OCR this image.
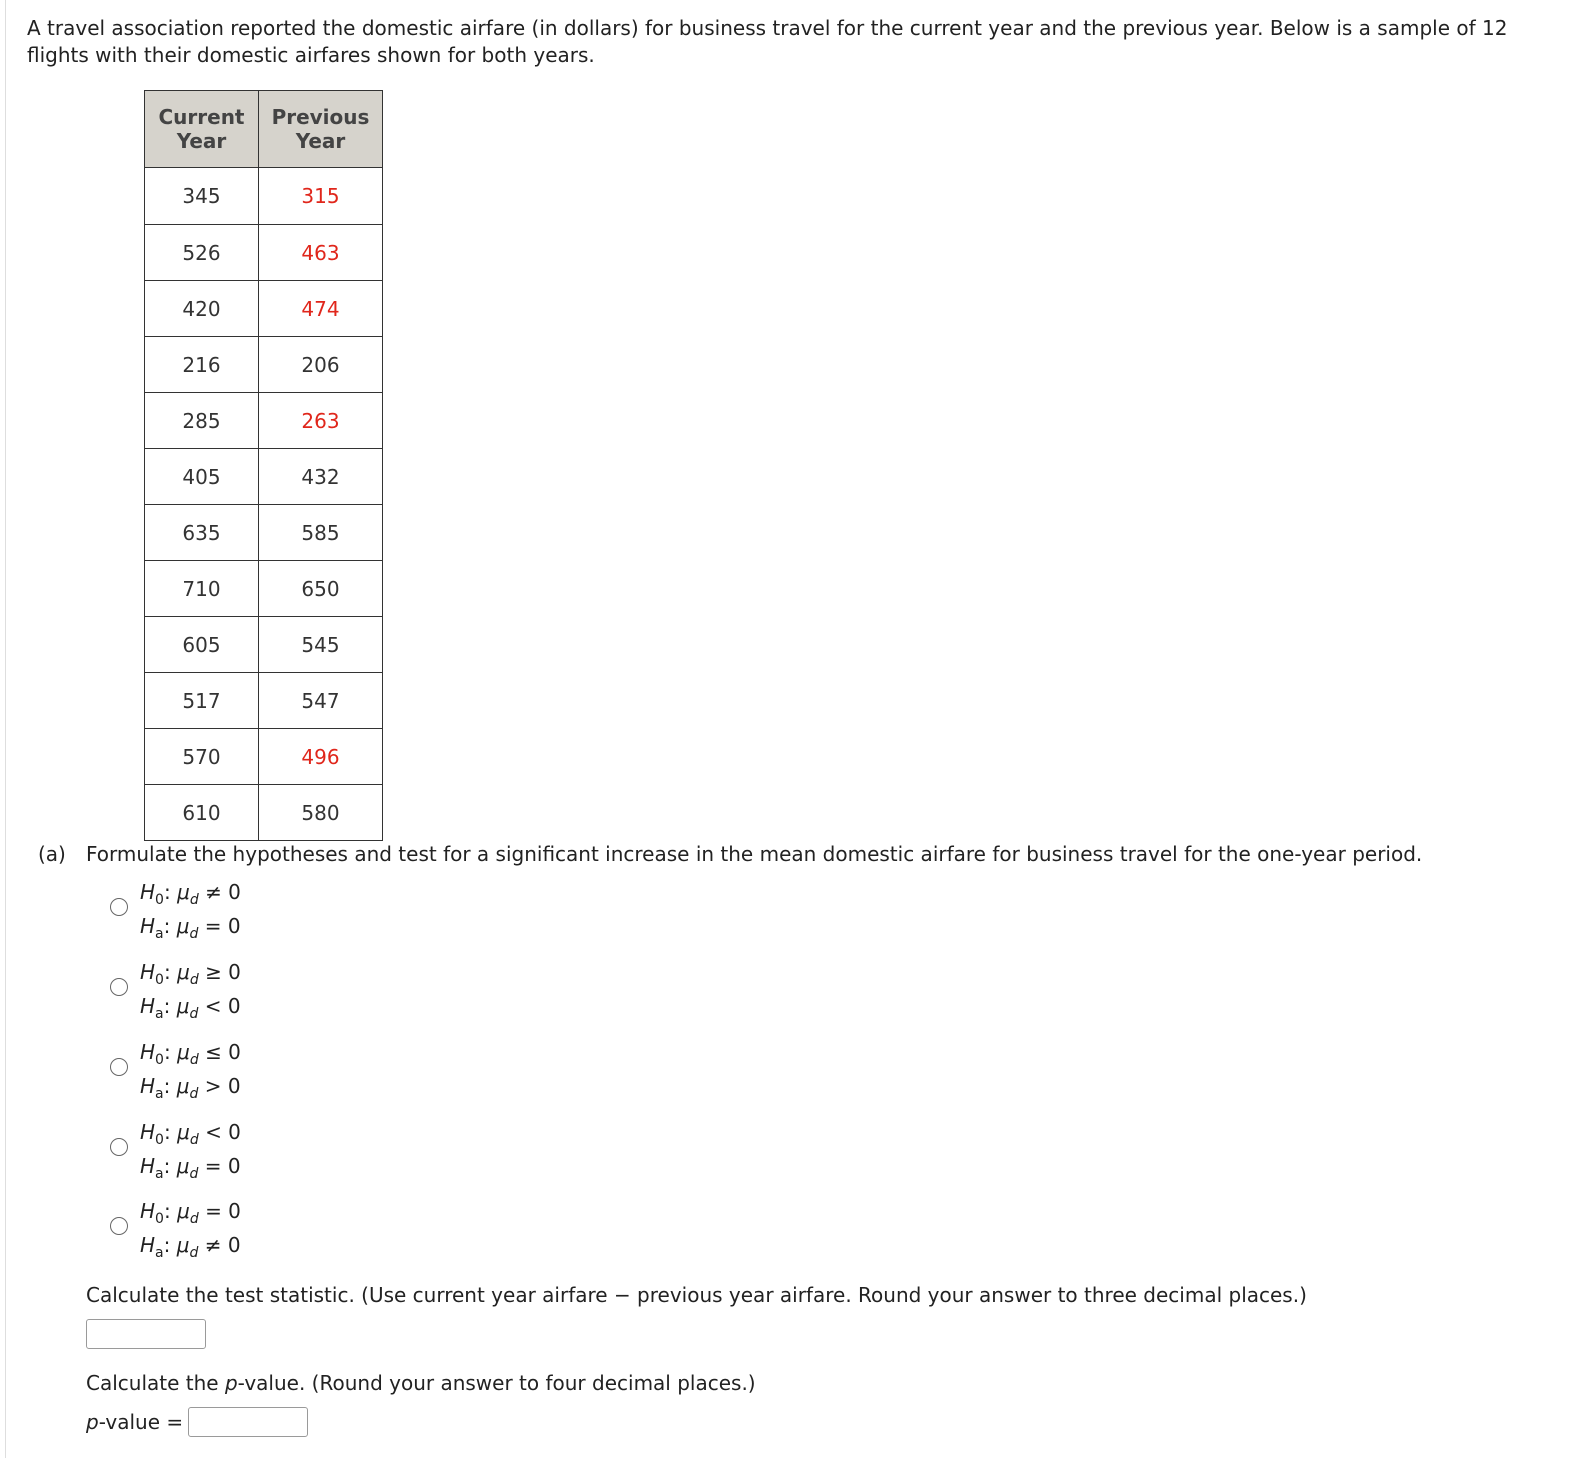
A travel association reported the domestic airfare (in dollars) for business travel for the current year and the previous year. Below is a sample of 12 flights with their domestic airfares shown for both years.
Current Year	Previous Year
345	315
526	463
420	474
216	206
285	263
405	432
635	585
710	650
605	545
517	547
570	496
610	580
(a) Formulate the hypotheses and test for a significant increase in the mean domestic airfare for business travel for the one-year period.
$H_0$: $\mu_d \ne 0$
$H_a$: $\mu_d = 0$
$H_0$: $\mu_d \ge 0$
$H_a$: $\mu_d < 0$
$H_0$: $\mu_d \le 0$
$H_a$: $\mu_d > 0$
$H_0$: $\mu_d < 0$
$H_a$: $\mu_d = 0$
$H_0$: $\mu_d = 0$
$H_a$: $\mu_d \ne 0$
Calculate the test statistic. (Use current year airfare − previous year airfare. Round your answer to three decimal places.)
Calculate the p-value. (Round your answer to four decimal places.)
p-value =
